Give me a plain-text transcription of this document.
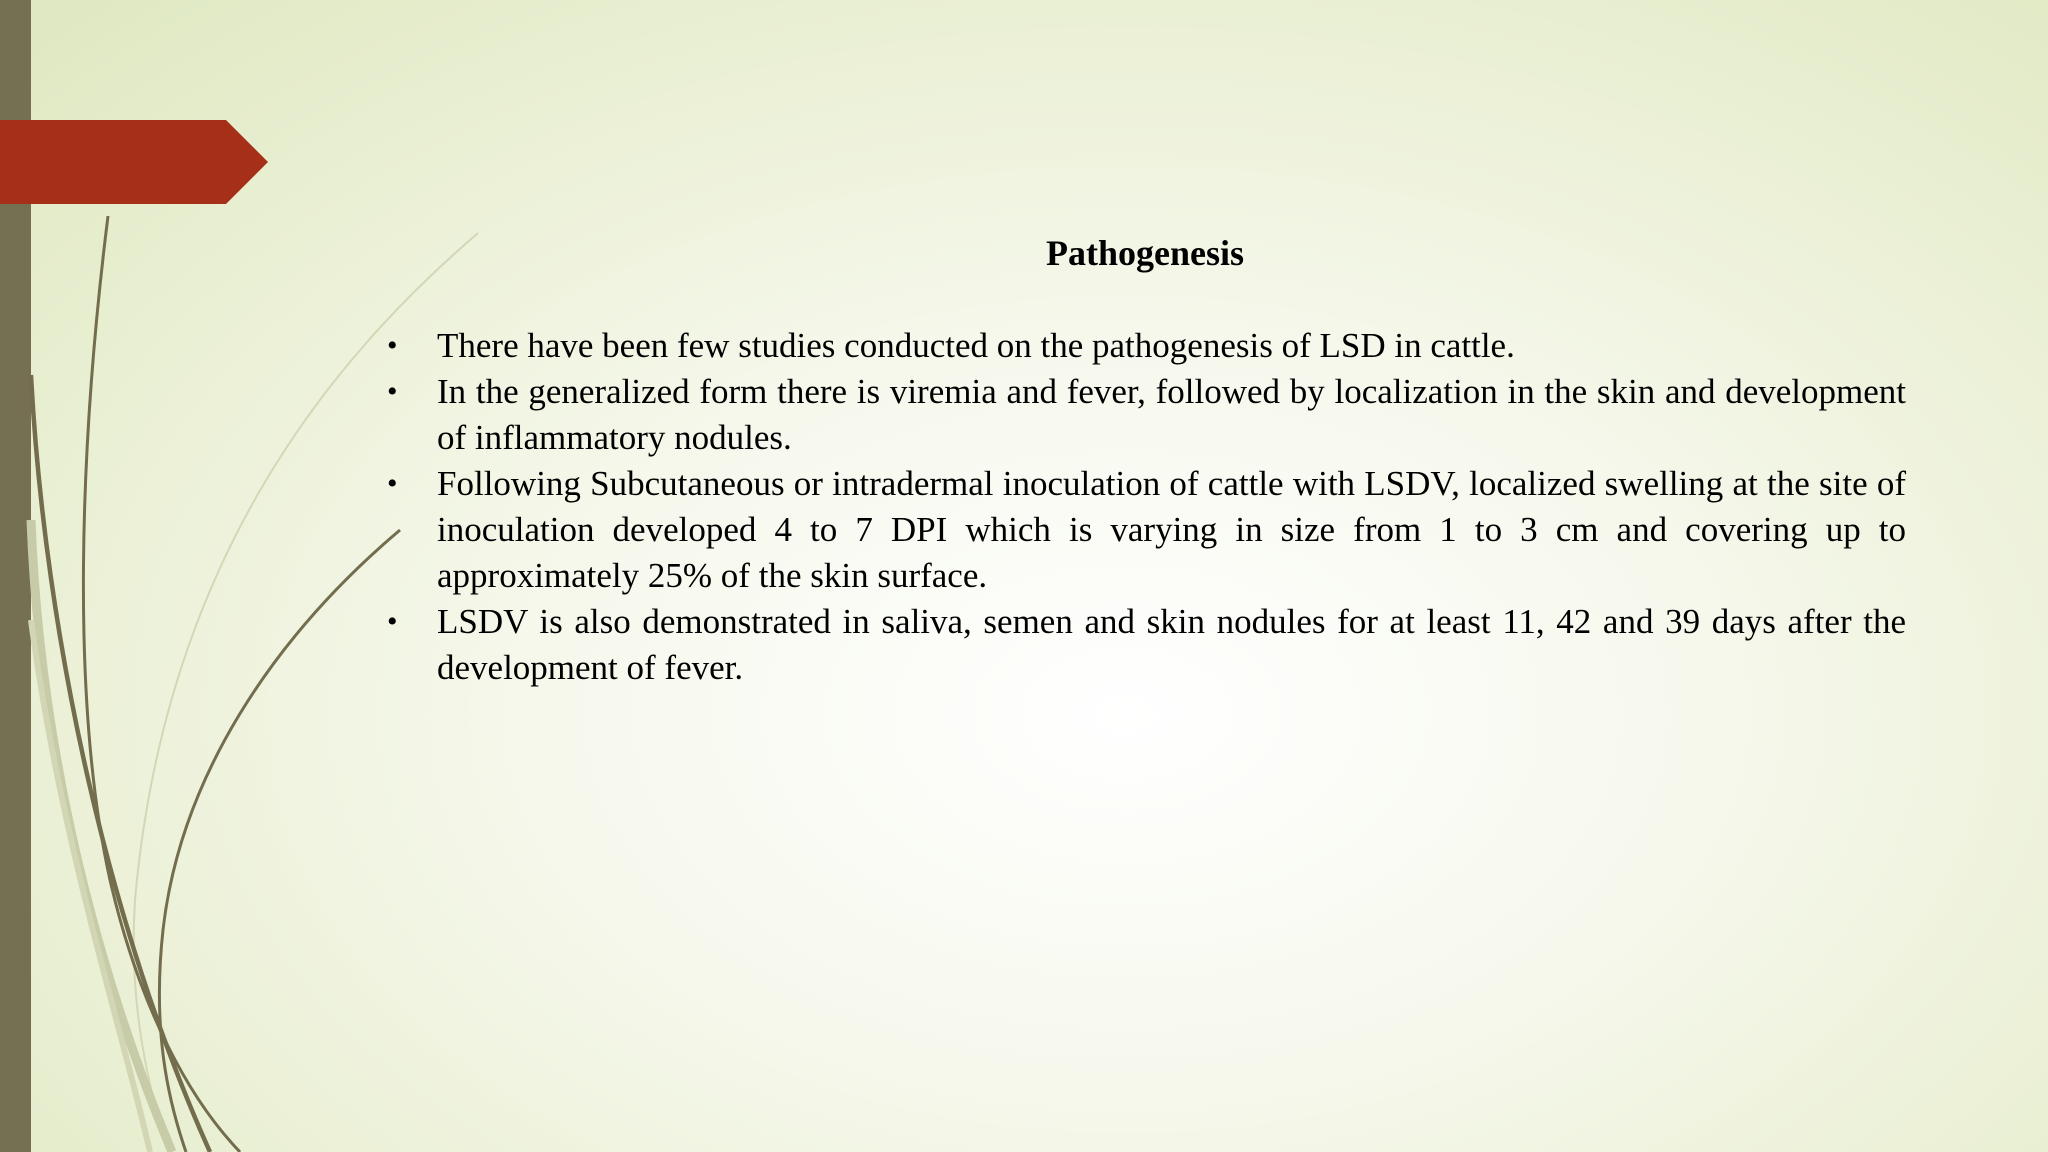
Pathogenesis
•	There have been few studies conducted on the pathogenesis of LSD in cattle.
•	In the generalized form there is viremia and fever, followed by localization in the skin and development of inflammatory nodules.
•	Following Subcutaneous or intradermal inoculation of cattle with LSDV, localized swelling at the site of inoculation developed 4 to 7 DPI which is varying in size from 1 to 3 cm and covering up to approximately 25% of the skin surface.
•	LSDV is also demonstrated in saliva, semen and skin nodules for at least 11, 42 and 39 days after the development of fever.
